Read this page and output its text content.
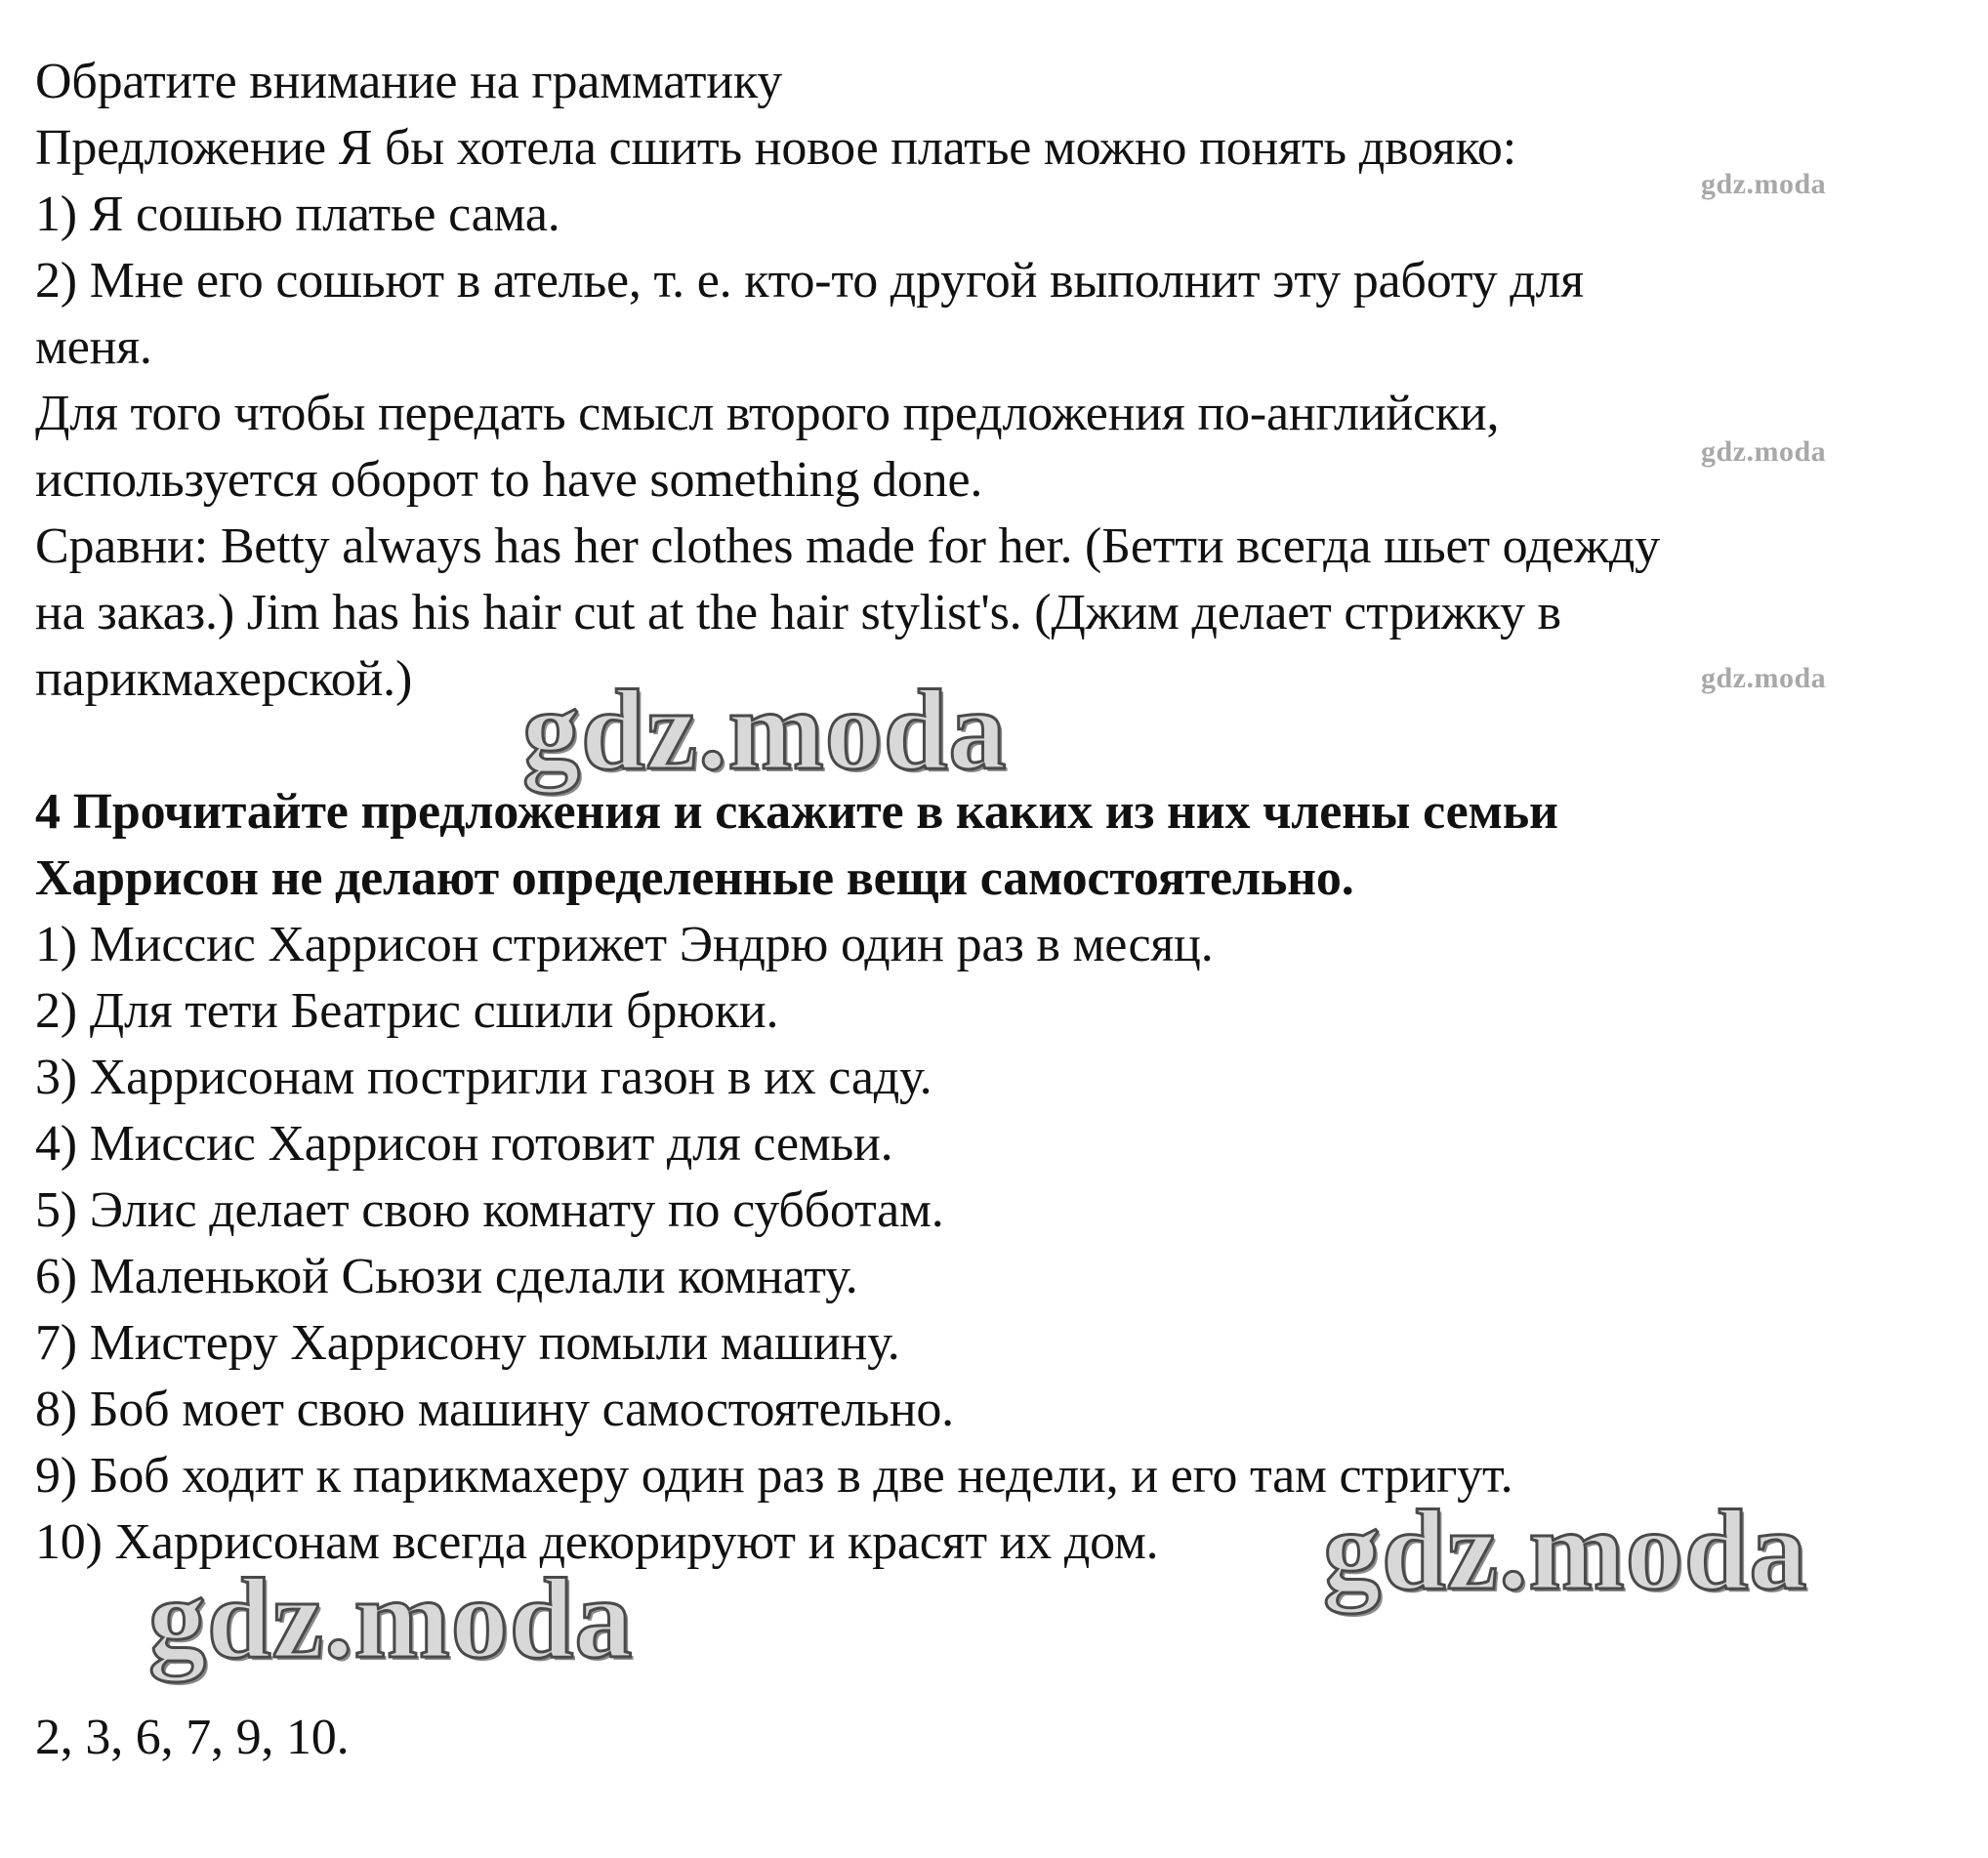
Обратите внимание на грамматику
Предложение Я бы хотела сшить новое платье можно понять двояко:
1) Я сошью платье сама.
2) Мне его сошьют в ателье, т. е. кто-то другой выполнит эту работу для
меня.
Для того чтобы передать смысл второго предложения по-английски,
используется оборот to have something done.
Сравни: Betty always has her clothes made for her. (Бетти всегда шьет одежду
на заказ.) Jim has his hair cut at the hair stylist's. (Джим делает стрижку в
парикмахерской.)
4 Прочитайте предложения и скажите в каких из них члены семьи
Харрисон не делают определенные вещи самостоятельно.
1) Миссис Харрисон стрижет Эндрю один раз в месяц.
2) Для тети Беатрис сшили брюки.
3) Харрисонам постригли газон в их саду.
4) Миссис Харрисон готовит для семьи.
5) Элис делает свою комнату по субботам.
6) Маленькой Сьюзи сделали комнату.
7) Мистеру Харрисону помыли машину.
8) Боб моет свою машину самостоятельно.
9) Боб ходит к парикмахеру один раз в две недели, и его там стригут.
10) Харрисонам всегда декорируют и красят их дом.
2, 3, 6, 7, 9, 10.
gdz.moda
gdz.moda
gdz.moda
gdz.moda
gdz.moda
gdz.moda
